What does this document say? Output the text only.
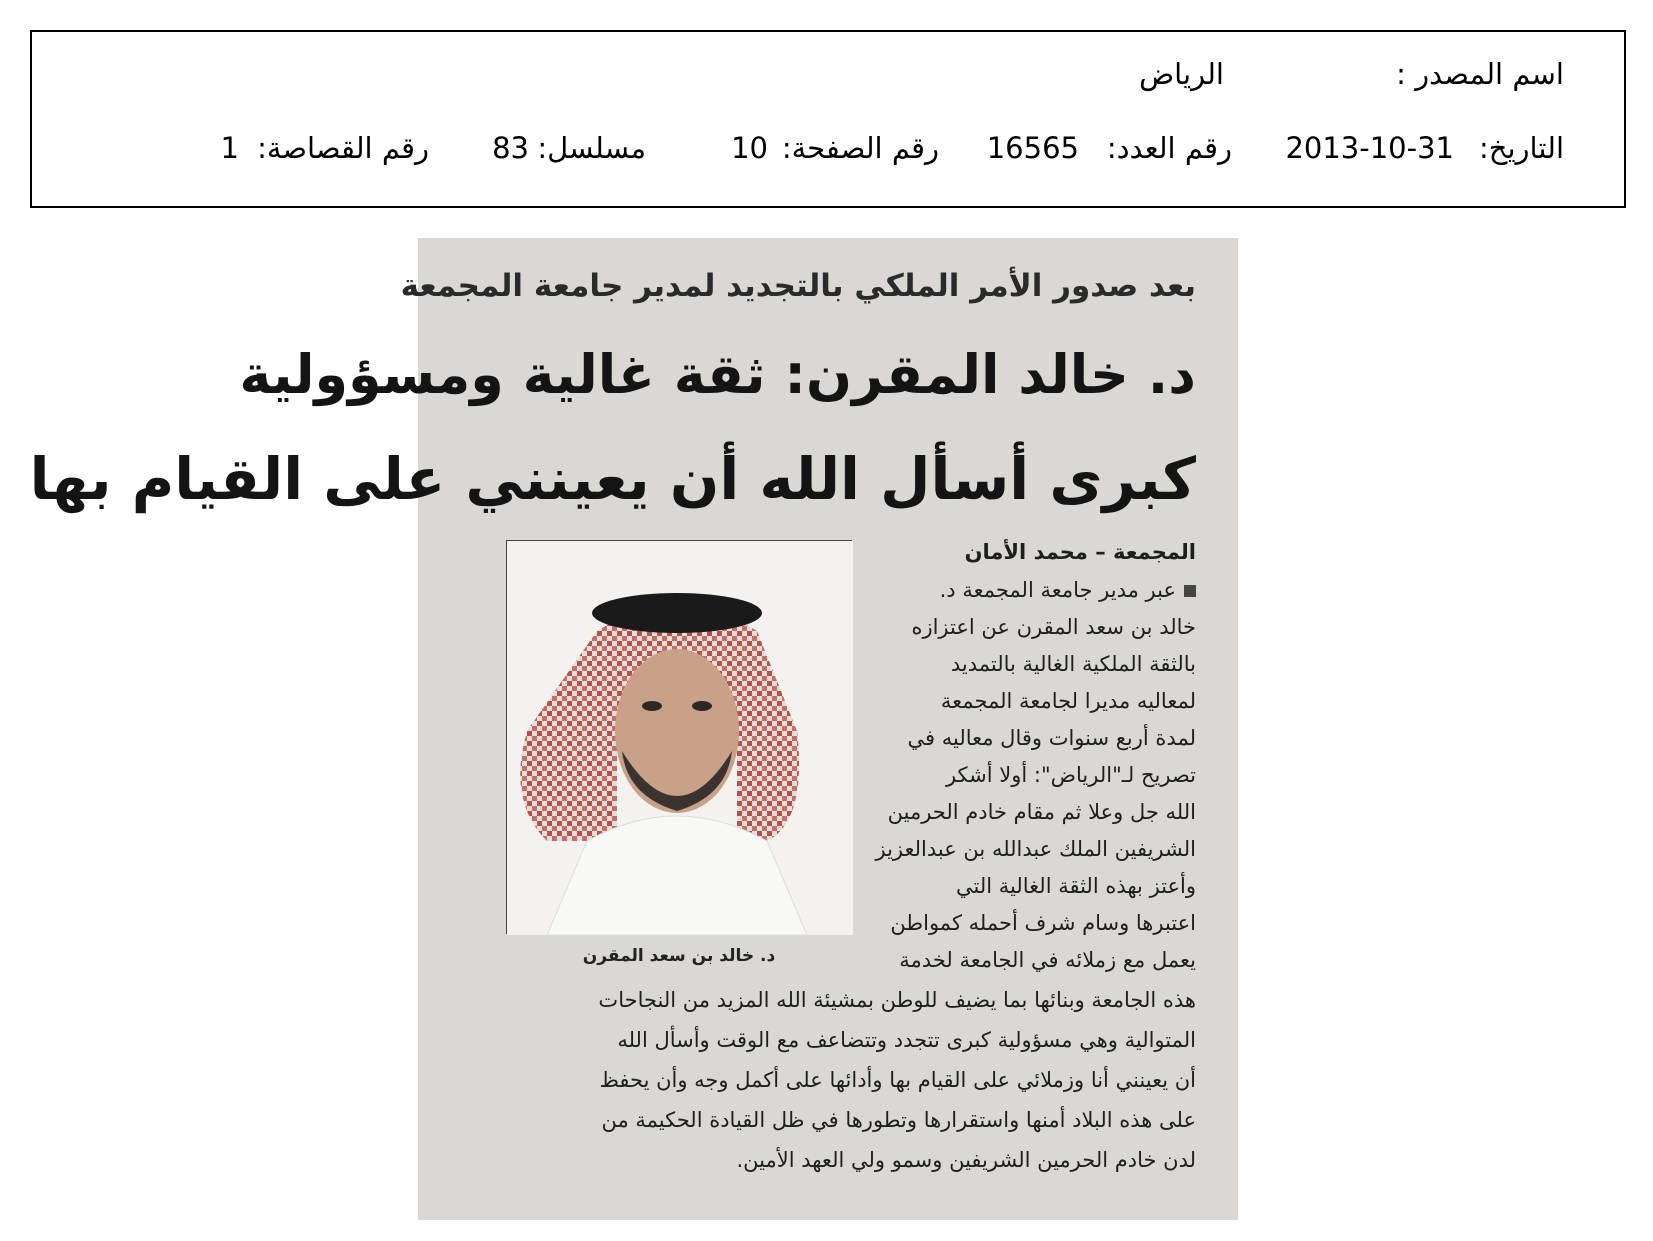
اسم المصدر :
الرياض
التاريخ:
2013-10-31
رقم العدد:
16565
رقم الصفحة:
10
مسلسل:
83
رقم القصاصة:
1
بعد صدور الأمر الملكي بالتجديد لمدير جامعة المجمعة
د. خالد المقرن: ثقة غالية ومسؤولية
كبرى أسأل الله أن يعينني على القيام بها
د. خالد بن سعد المقرن
المجمعة – محمد الأمان
عبر مدير جامعة المجمعة د.
خالد بن سعد المقرن عن اعتزازه
بالثقة الملكية الغالية بالتمديد
لمعاليه مديرا لجامعة المجمعة
لمدة أربع سنوات وقال معاليه في
تصريح لـ"الرياض": أولا أشكر
الله جل وعلا ثم مقام خادم الحرمين
الشريفين الملك عبدالله بن عبدالعزيز
وأعتز بهذه الثقة الغالية التي
اعتبرها وسام شرف أحمله كمواطن
يعمل مع زملائه في الجامعة لخدمة
هذه الجامعة وبنائها بما يضيف للوطن بمشيئة الله المزيد من النجاحات
المتوالية وهي مسؤولية كبرى تتجدد وتتضاعف مع الوقت وأسأل الله
أن يعينني أنا وزملائي على القيام بها وأدائها على أكمل وجه وأن يحفظ
على هذه البلاد أمنها واستقرارها وتطورها في ظل القيادة الحكيمة من
لدن خادم الحرمين الشريفين وسمو ولي العهد الأمين.
